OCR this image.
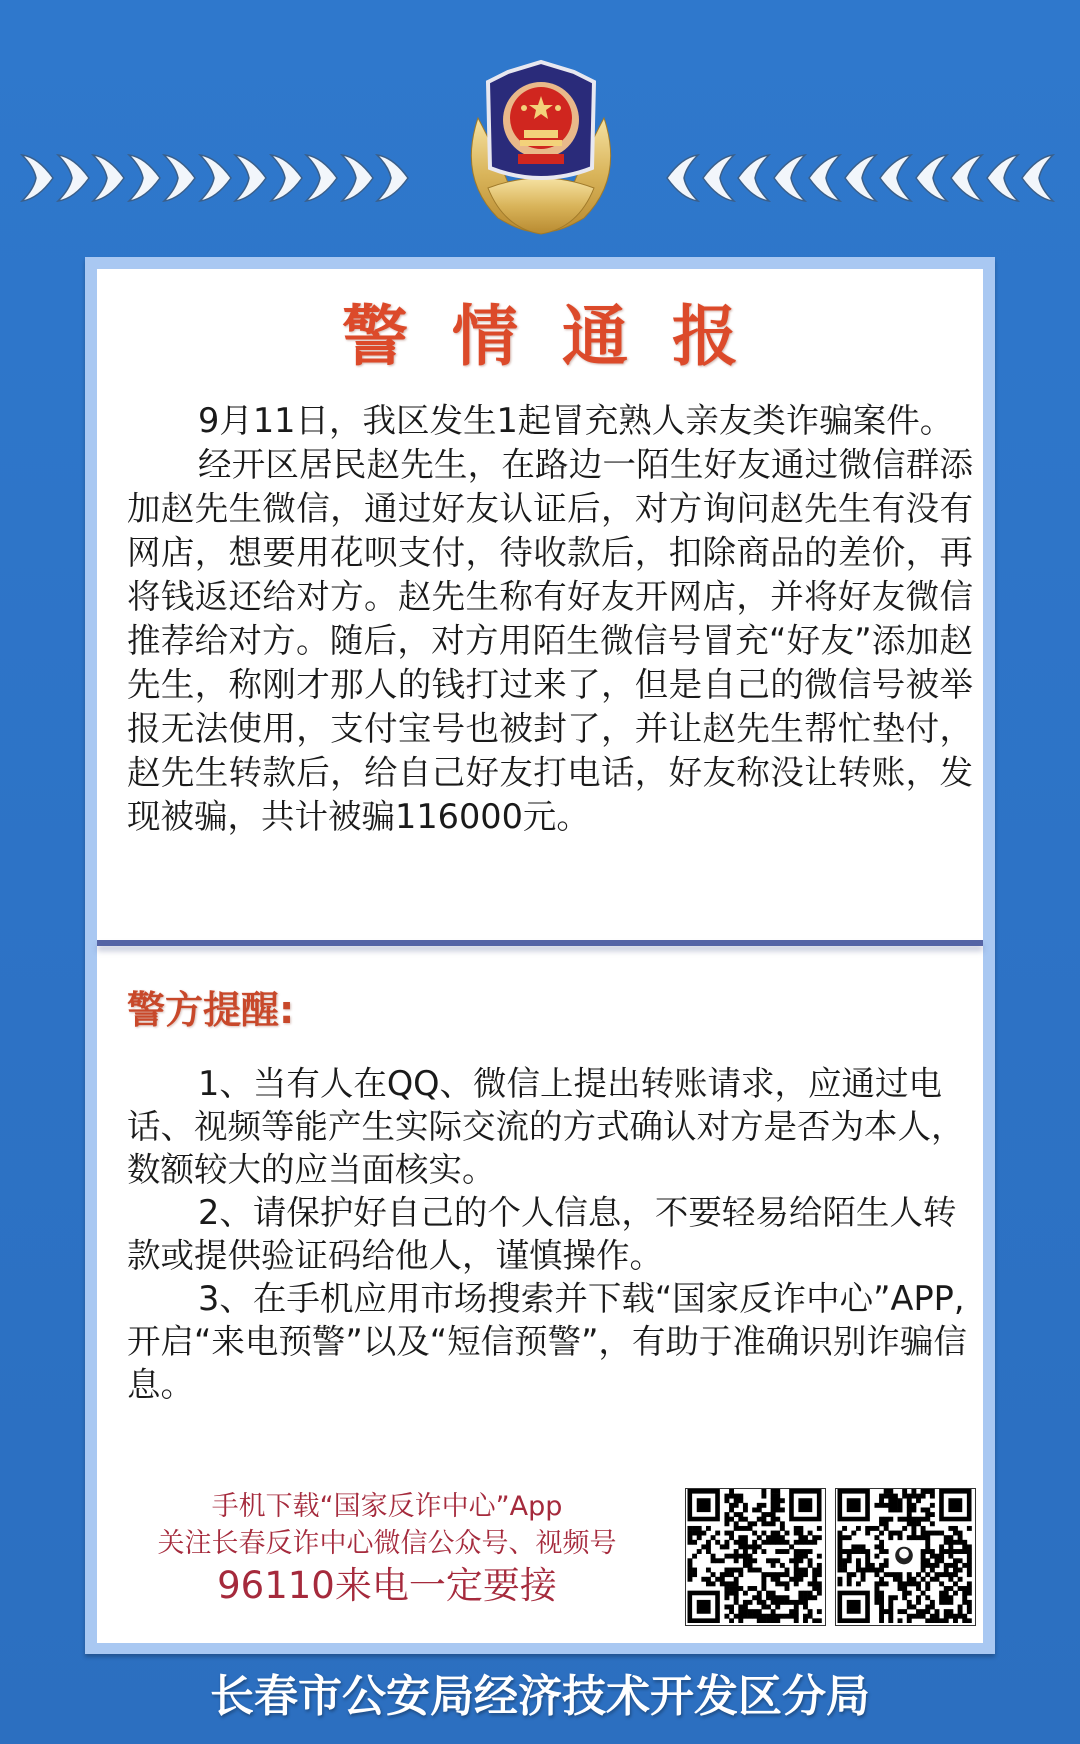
警情通报

9月11日，我区发生1起冒充熟人亲友类诈骗案件。

经开区居民赵先生，在路边一陌生好友通过微信群添加赵先生微信，通过好友认证后，对方询问赵先生有没有网店，想要用花呗支付，待收款后，扣除商品的差价，再将钱返还给对方。赵先生称有好友开网店，并将好友微信推荐给对方。随后，对方用陌生微信号冒充“好友”添加赵先生，称刚才那人的钱打过来了，但是自己的微信号被举报无法使用，支付宝号也被封了，并让赵先生帮忙垫付，赵先生转款后，给自己好友打电话，好友称没让转账，发现被骗，共计被骗116000元。

警方提醒:

1、当有人在QQ、微信上提出转账请求，应通过电话、视频等能产生实际交流的方式确认对方是否为本人，数额较大的应当面核实。

2、请保护好自己的个人信息，不要轻易给陌生人转款或提供验证码给他人，谨慎操作。

3、在手机应用市场搜索并下载“国家反诈中心”APP,开启“来电预警”以及“短信预警”，有助于准确识别诈骗信息。

手机下载“国家反诈中心”App
关注长春反诈中心微信公众号、视频号
96110来电一定要接
长春市公安局经济技术开发区分局
